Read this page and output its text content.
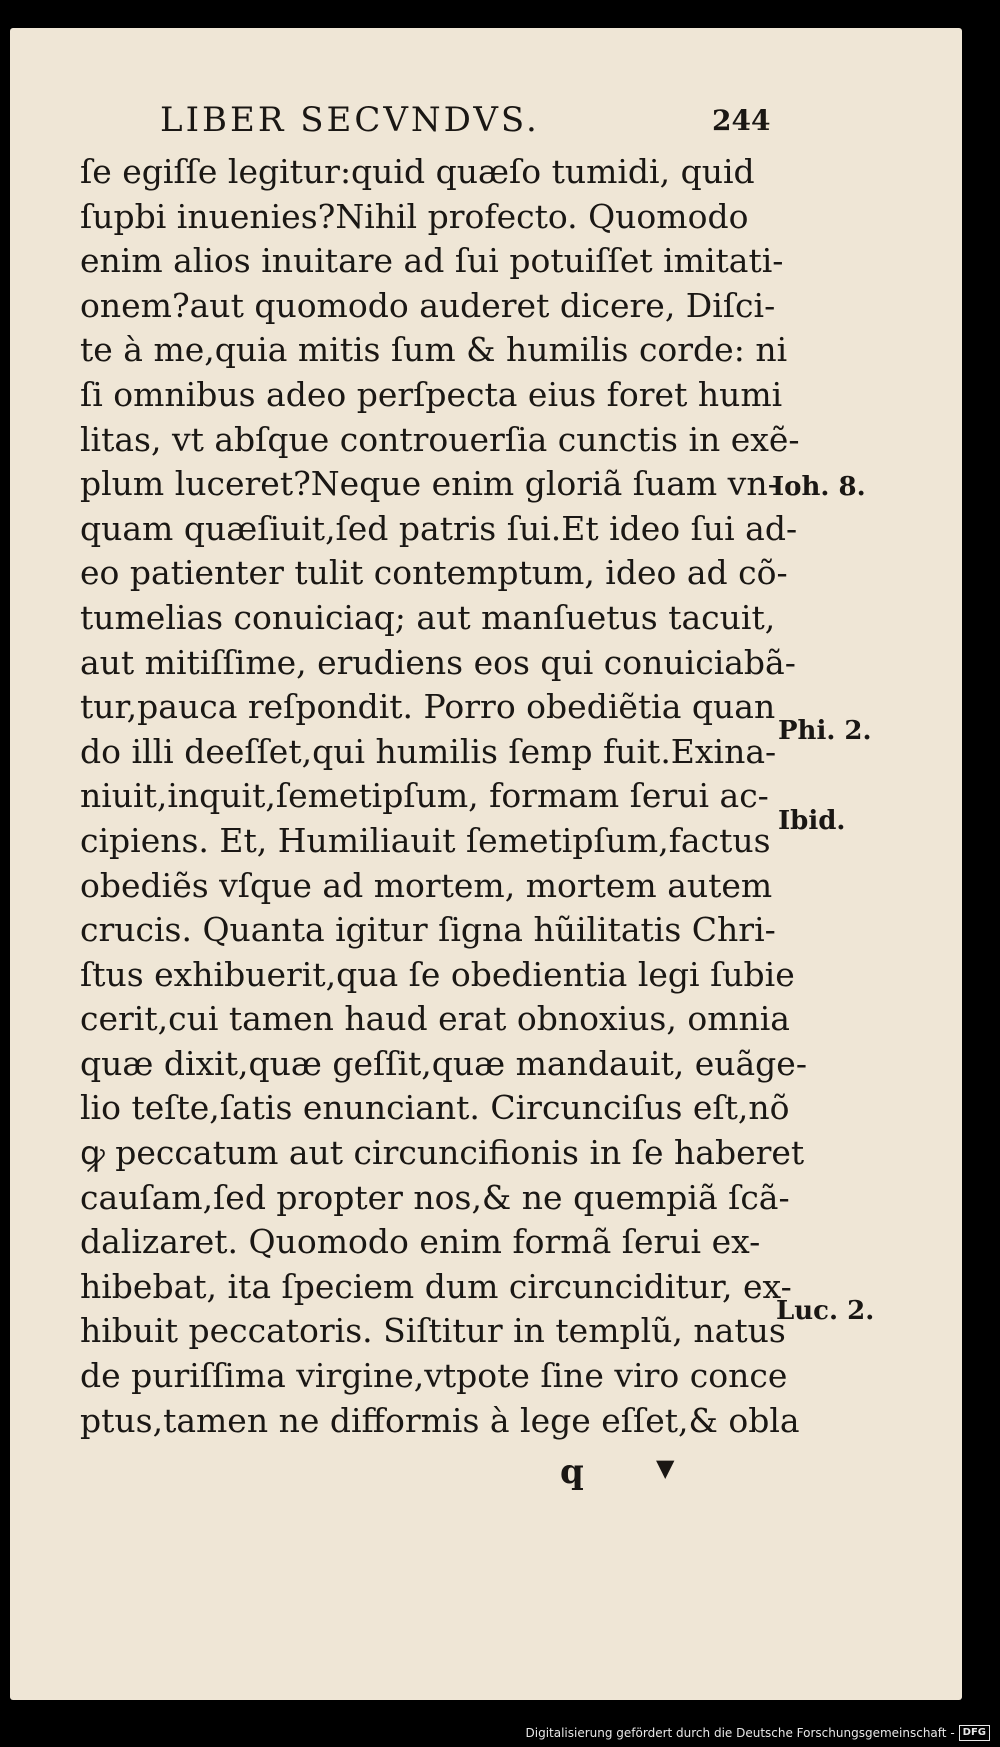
LIBER SECVNDVS.	244
ſe egiſſe legitur:quid quæſo tumidi, quid
ſupbi inuenies?Nihil profecto. Quomodo
enim alios inuitare ad ſui potuiſſet imitati-
onem?aut quomodo auderet dicere, Diſci-
te à me,quia mitis ſum & humilis corde: ni
ſi omnibus adeo perſpecta eius foret humi
litas, vt abſque controuerſia cunctis in exẽ-
plum luceret?Neque enim gloriã ſuam vn-
quam quæſiuit,ſed patris ſui.Et ideo ſui ad-
eo patienter tulit contemptum, ideo ad cõ-
tumelias conuiciaq; aut manſuetus tacuit,
aut mitiſſime, erudiens eos qui conuiciabã-
tur,pauca reſpondit. Porro obediẽtia quan
do illi deeſſet,qui humilis ſemp fuit.Exina-
niuit,inquit,ſemetipſum, formam ſerui ac-
cipiens. Et, Humiliauit ſemetipſum,factus
obediẽs vſque ad mortem, mortem autem
crucis. Quanta igitur ſigna hũilitatis Chri-
ſtus exhibuerit,qua ſe obedientia legi ſubie
cerit,cui tamen haud erat obnoxius, omnia
quæ dixit,quæ geſſit,quæ mandauit, euãge-
lio teſte,ſatis enunciant. Circunciſus eſt,nõ
ꝙ peccatum aut circuncifionis in ſe haberet
cauſam,ſed propter nos,& ne quempiã ſcã-
dalizaret. Quomodo enim formã ſerui ex-
hibebat, ita ſpeciem dum circunciditur, ex-
hibuit peccatoris. Siſtitur in templũ, natus
de puriſſima virgine,vtpote ſine viro conce
ptus,tamen ne difformis à lege eſſet,& obla
Ioh. 8.
Phi. 2.
Ibid.
Luc. 2.
q	▼
Digitalisierung gefördert durch die Deutsche Forschungsgemeinschaft - DFG
